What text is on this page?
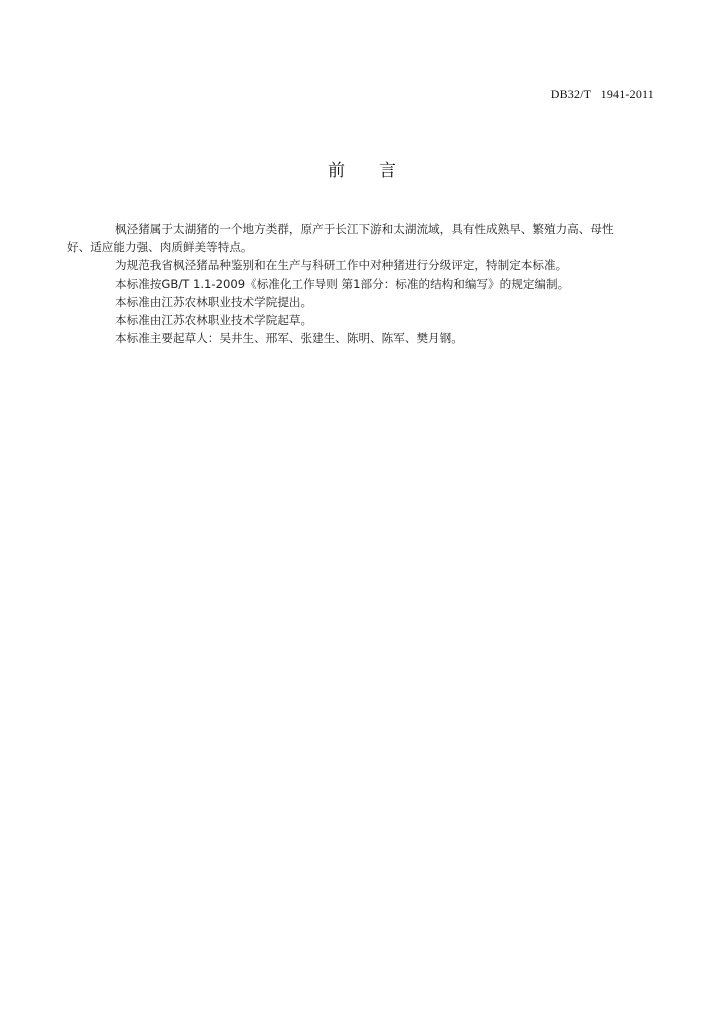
DB32/T   1941-2011
前 言

枫泾猪属于太湖猪的一个地方类群，原产于长江下游和太湖流域，具有性成熟早、繁殖力高、母性
好、适应能力强、肉质鲜美等特点。

为规范我省枫泾猪品种鉴别和在生产与科研工作中对种猪进行分级评定，特制定本标准。

本标准按GB/T 1.1-2009《标准化工作导则 第1部分：标准的结构和编写》的规定编制。

本标准由江苏农林职业技术学院提出。

本标准由江苏农林职业技术学院起草。

本标准主要起草人：吴井生、邢军、张建生、陈明、陈军、樊月钢。
